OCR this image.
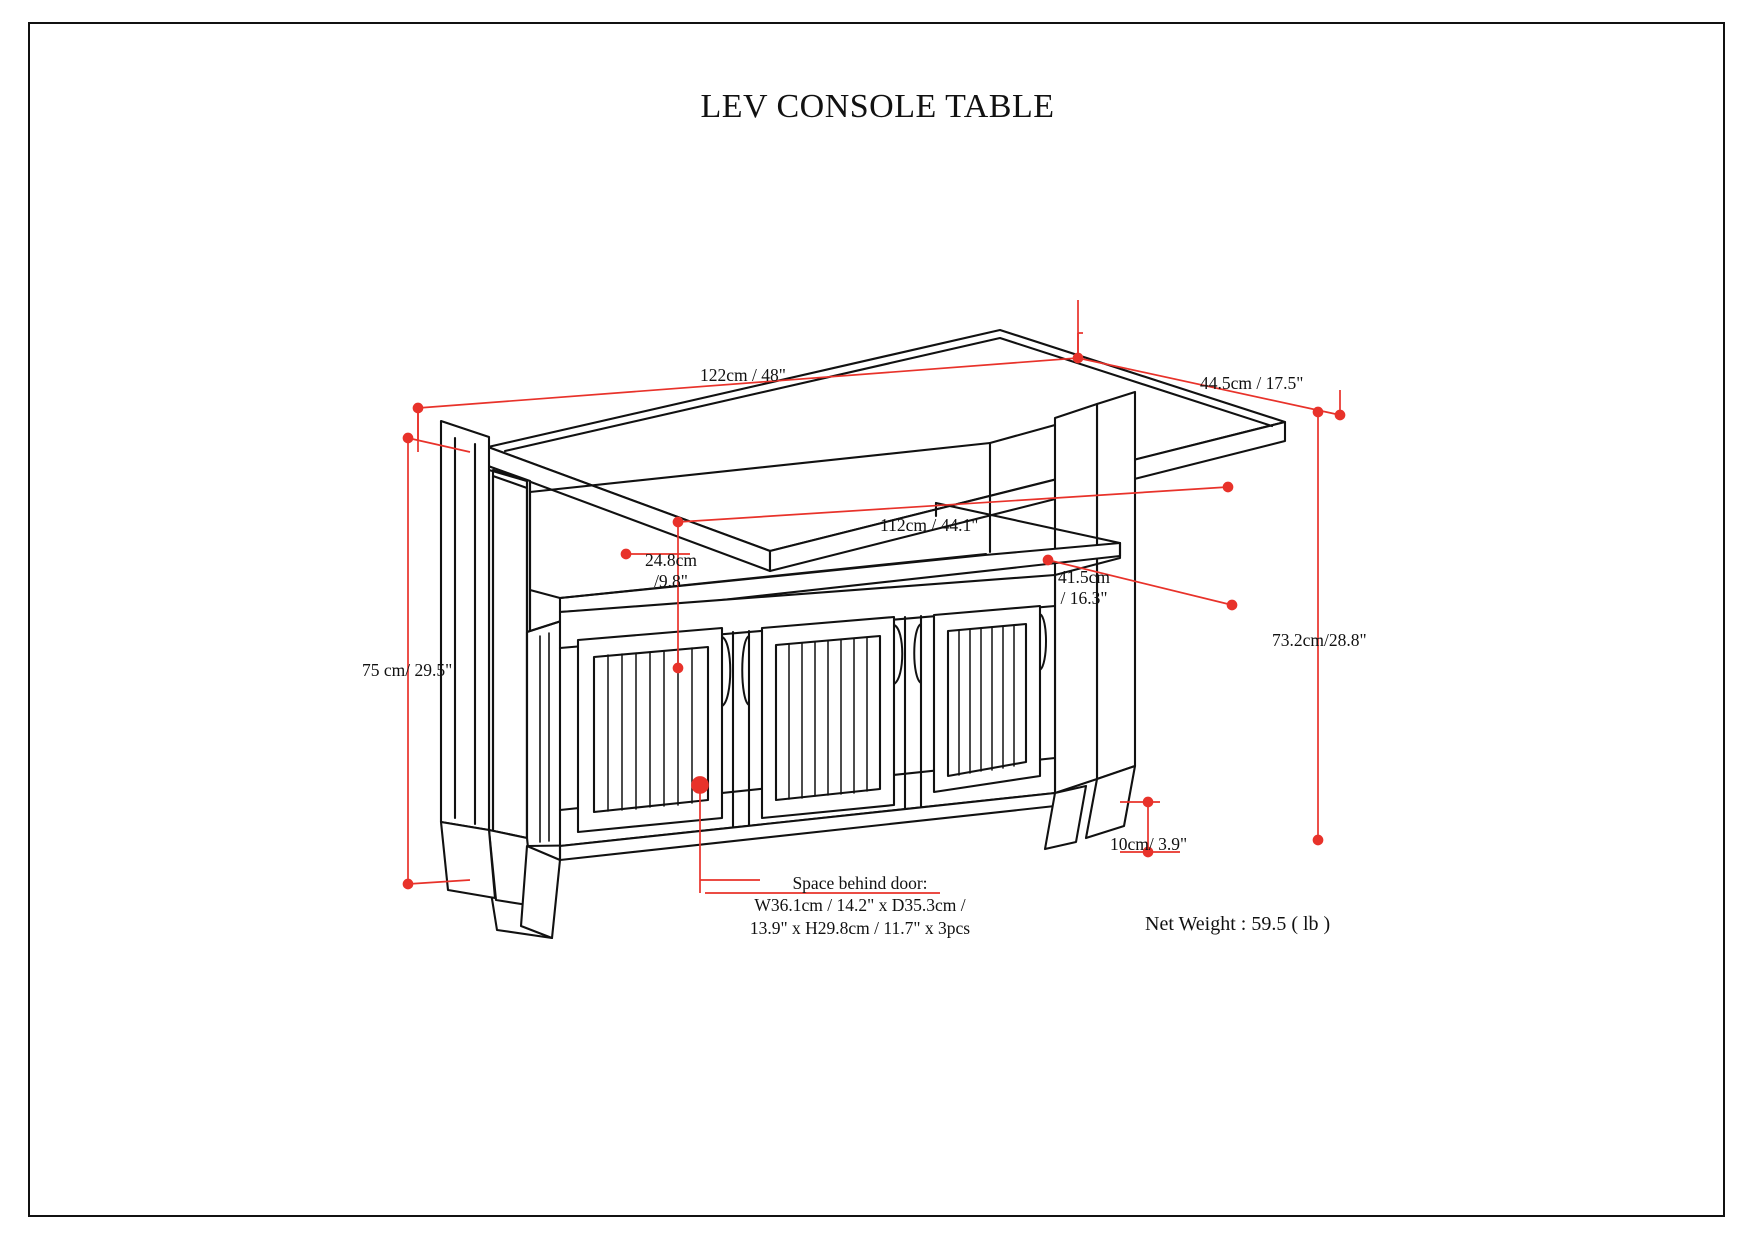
LEV CONSOLE TABLE
122cm / 48"	44.5cm / 17.5"
112cm / 44.1"
24.8cm
/9.8"	41.5cm
/ 16.3"
75 cm/ 29.5"
73.2cm/28.8"
10cm/ 3.9"
Space behind door:
W36.1cm / 14.2" x D35.3cm /
13.9" x H29.8cm / 11.7" x 3pcs	Net Weight : 59.5 ( lb )
